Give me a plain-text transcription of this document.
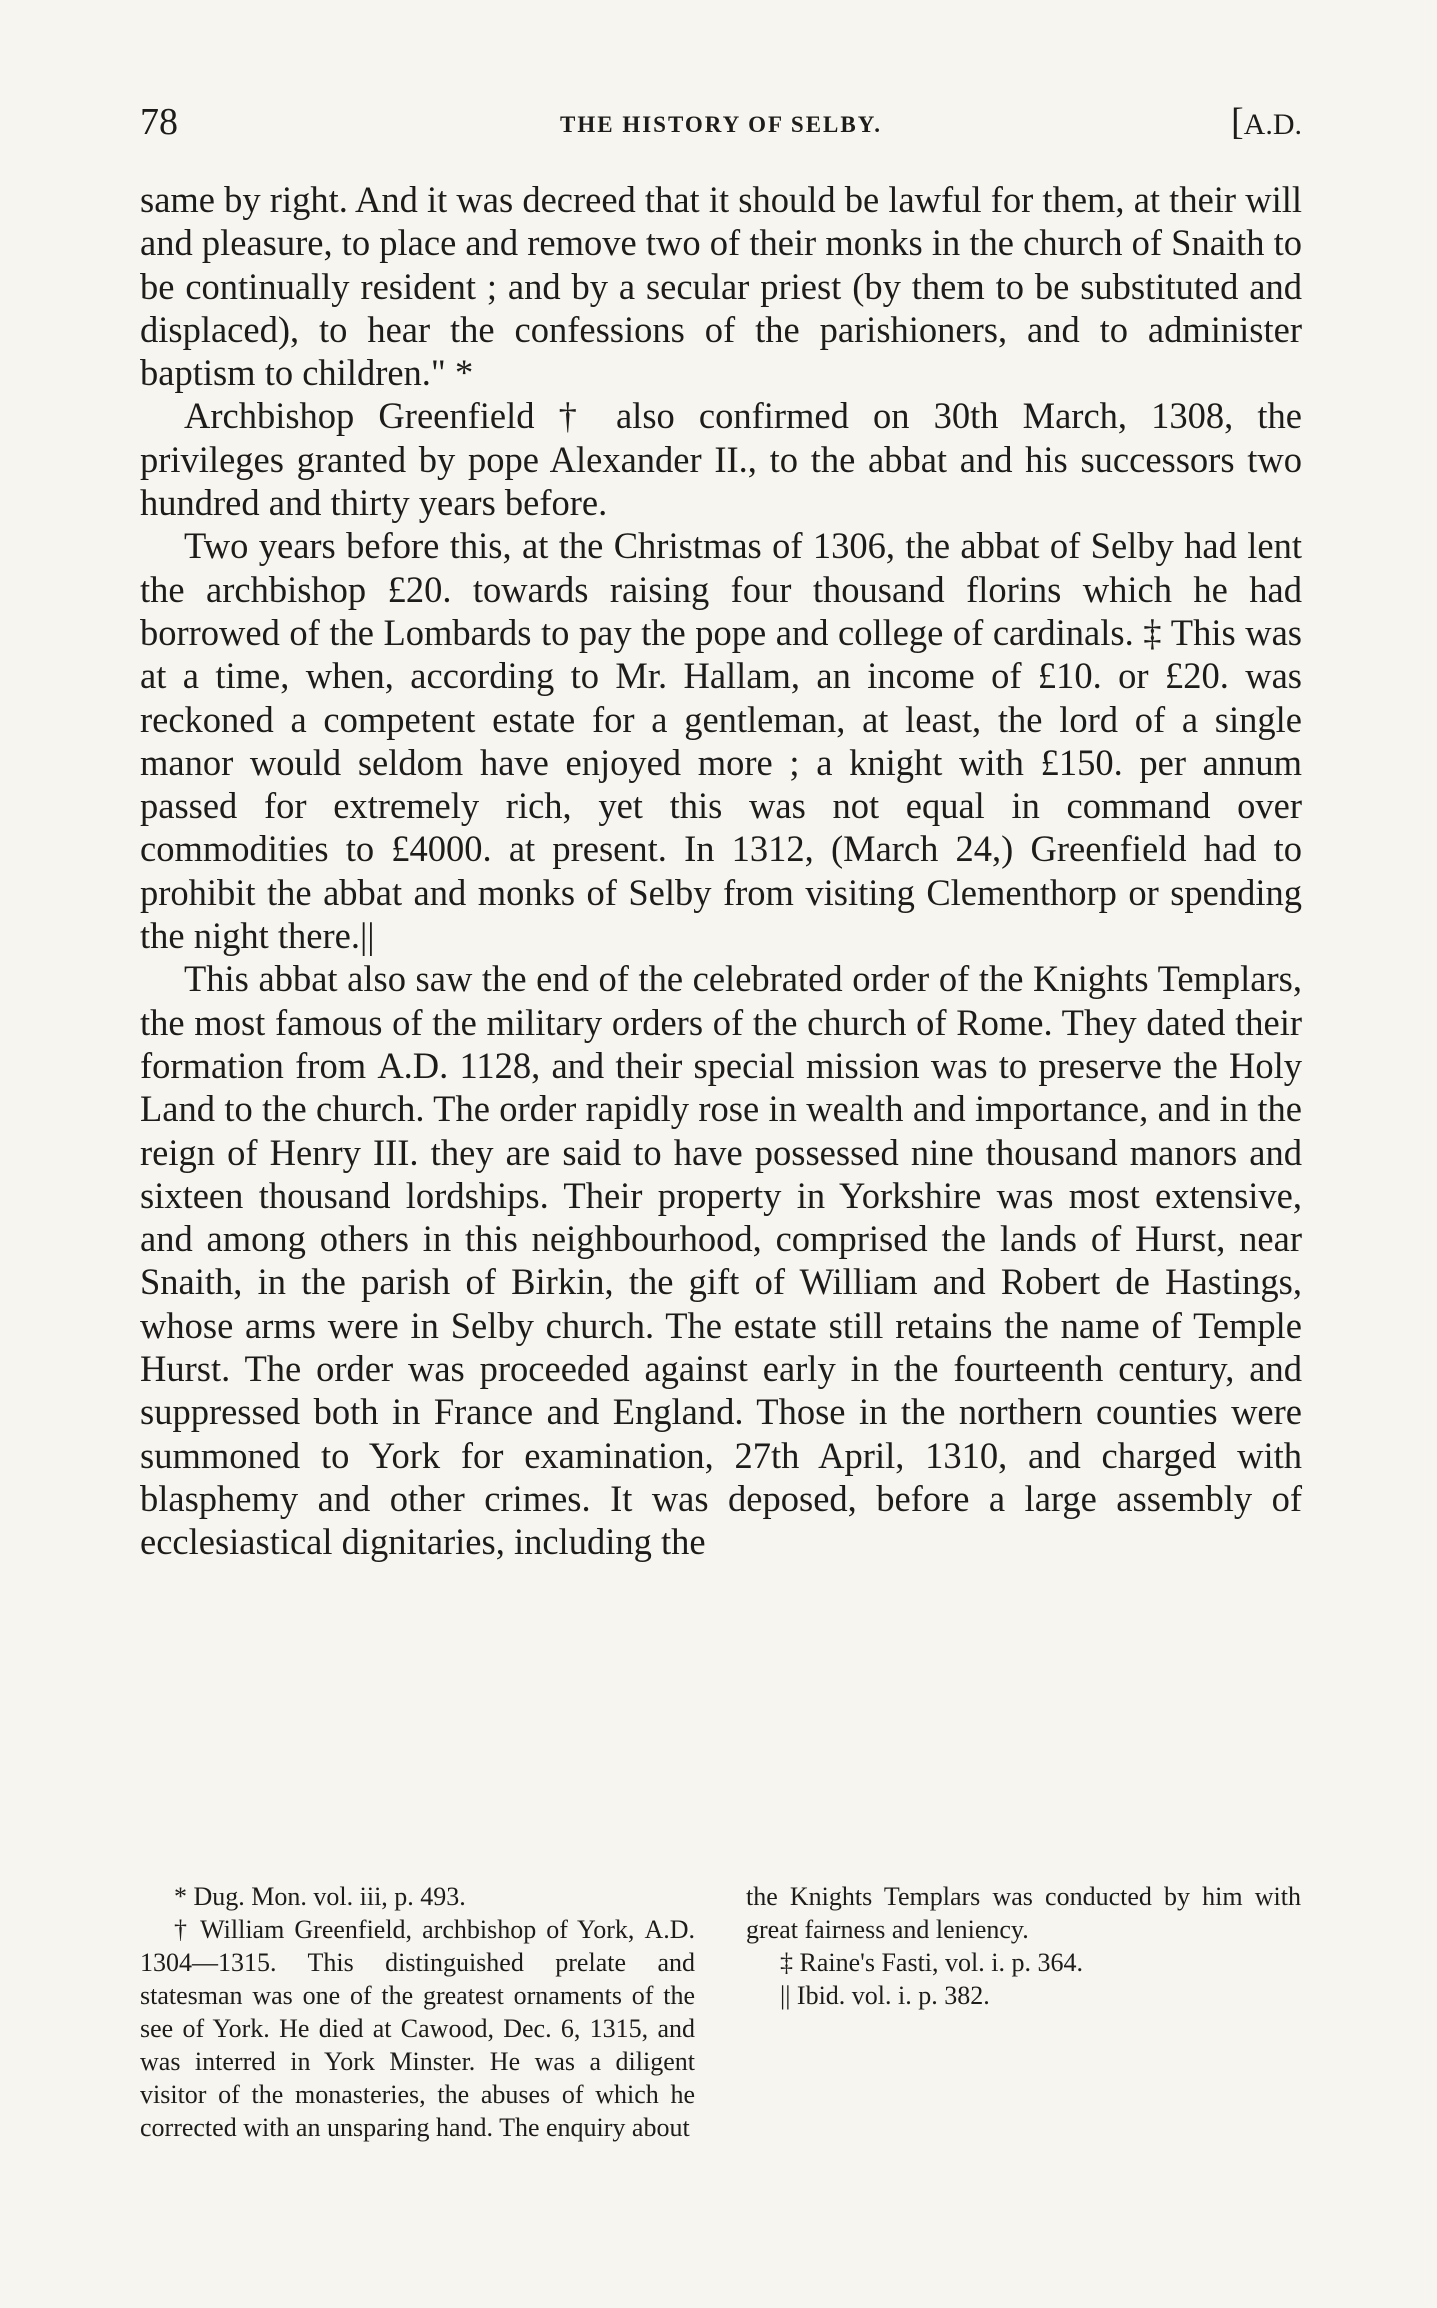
78	THE HISTORY OF SELBY.	[A.D.

same by right. And it was decreed that it should be lawful for them, at their will and pleasure, to place and remove two of their monks in the church of Snaith to be continually resident ; and by a secular priest (by them to be substituted and displaced), to hear the confessions of the parishioners, and to administer baptism to children." *

Archbishop Greenfield † also confirmed on 30th March, 1308, the privileges granted by pope Alexander II., to the abbat and his successors two hundred and thirty years before.

Two years before this, at the Christmas of 1306, the abbat of Selby had lent the archbishop £20. towards raising four thousand florins which he had borrowed of the Lombards to pay the pope and college of cardinals. ‡ This was at a time, when, according to Mr. Hallam, an income of £10. or £20. was reckoned a competent estate for a gentleman, at least, the lord of a single manor would seldom have enjoyed more ; a knight with £150. per annum passed for extremely rich, yet this was not equal in command over commodities to £4000. at present. In 1312, (March 24,) Greenfield had to prohibit the abbat and monks of Selby from visiting Clementhorp or spending the night there.||

This abbat also saw the end of the celebrated order of the Knights Templars, the most famous of the military orders of the church of Rome. They dated their formation from A.D. 1128, and their special mission was to preserve the Holy Land to the church. The order rapidly rose in wealth and importance, and in the reign of Henry III. they are said to have possessed nine thousand manors and sixteen thousand lordships. Their property in Yorkshire was most extensive, and among others in this neighbourhood, comprised the lands of Hurst, near Snaith, in the parish of Birkin, the gift of William and Robert de Hastings, whose arms were in Selby church. The estate still retains the name of Temple Hurst. The order was proceeded against early in the fourteenth century, and suppressed both in France and England. Those in the northern counties were summoned to York for examination, 27th April, 1310, and charged with blasphemy and other crimes. It was deposed, before a large assembly of ecclesiastical dignitaries, including the

* Dug. Mon. vol. iii, p. 493.

† William Greenfield, archbishop of York, A.D. 1304—1315. This distinguished prelate and statesman was one of the greatest ornaments of the see of York. He died at Cawood, Dec. 6, 1315, and was interred in York Minster. He was a diligent visitor of the monasteries, the abuses of which he corrected with an unsparing hand. The enquiry about

the Knights Templars was conducted by him with great fairness and leniency.

‡ Raine's Fasti, vol. i. p. 364.

|| Ibid. vol. i. p. 382.
